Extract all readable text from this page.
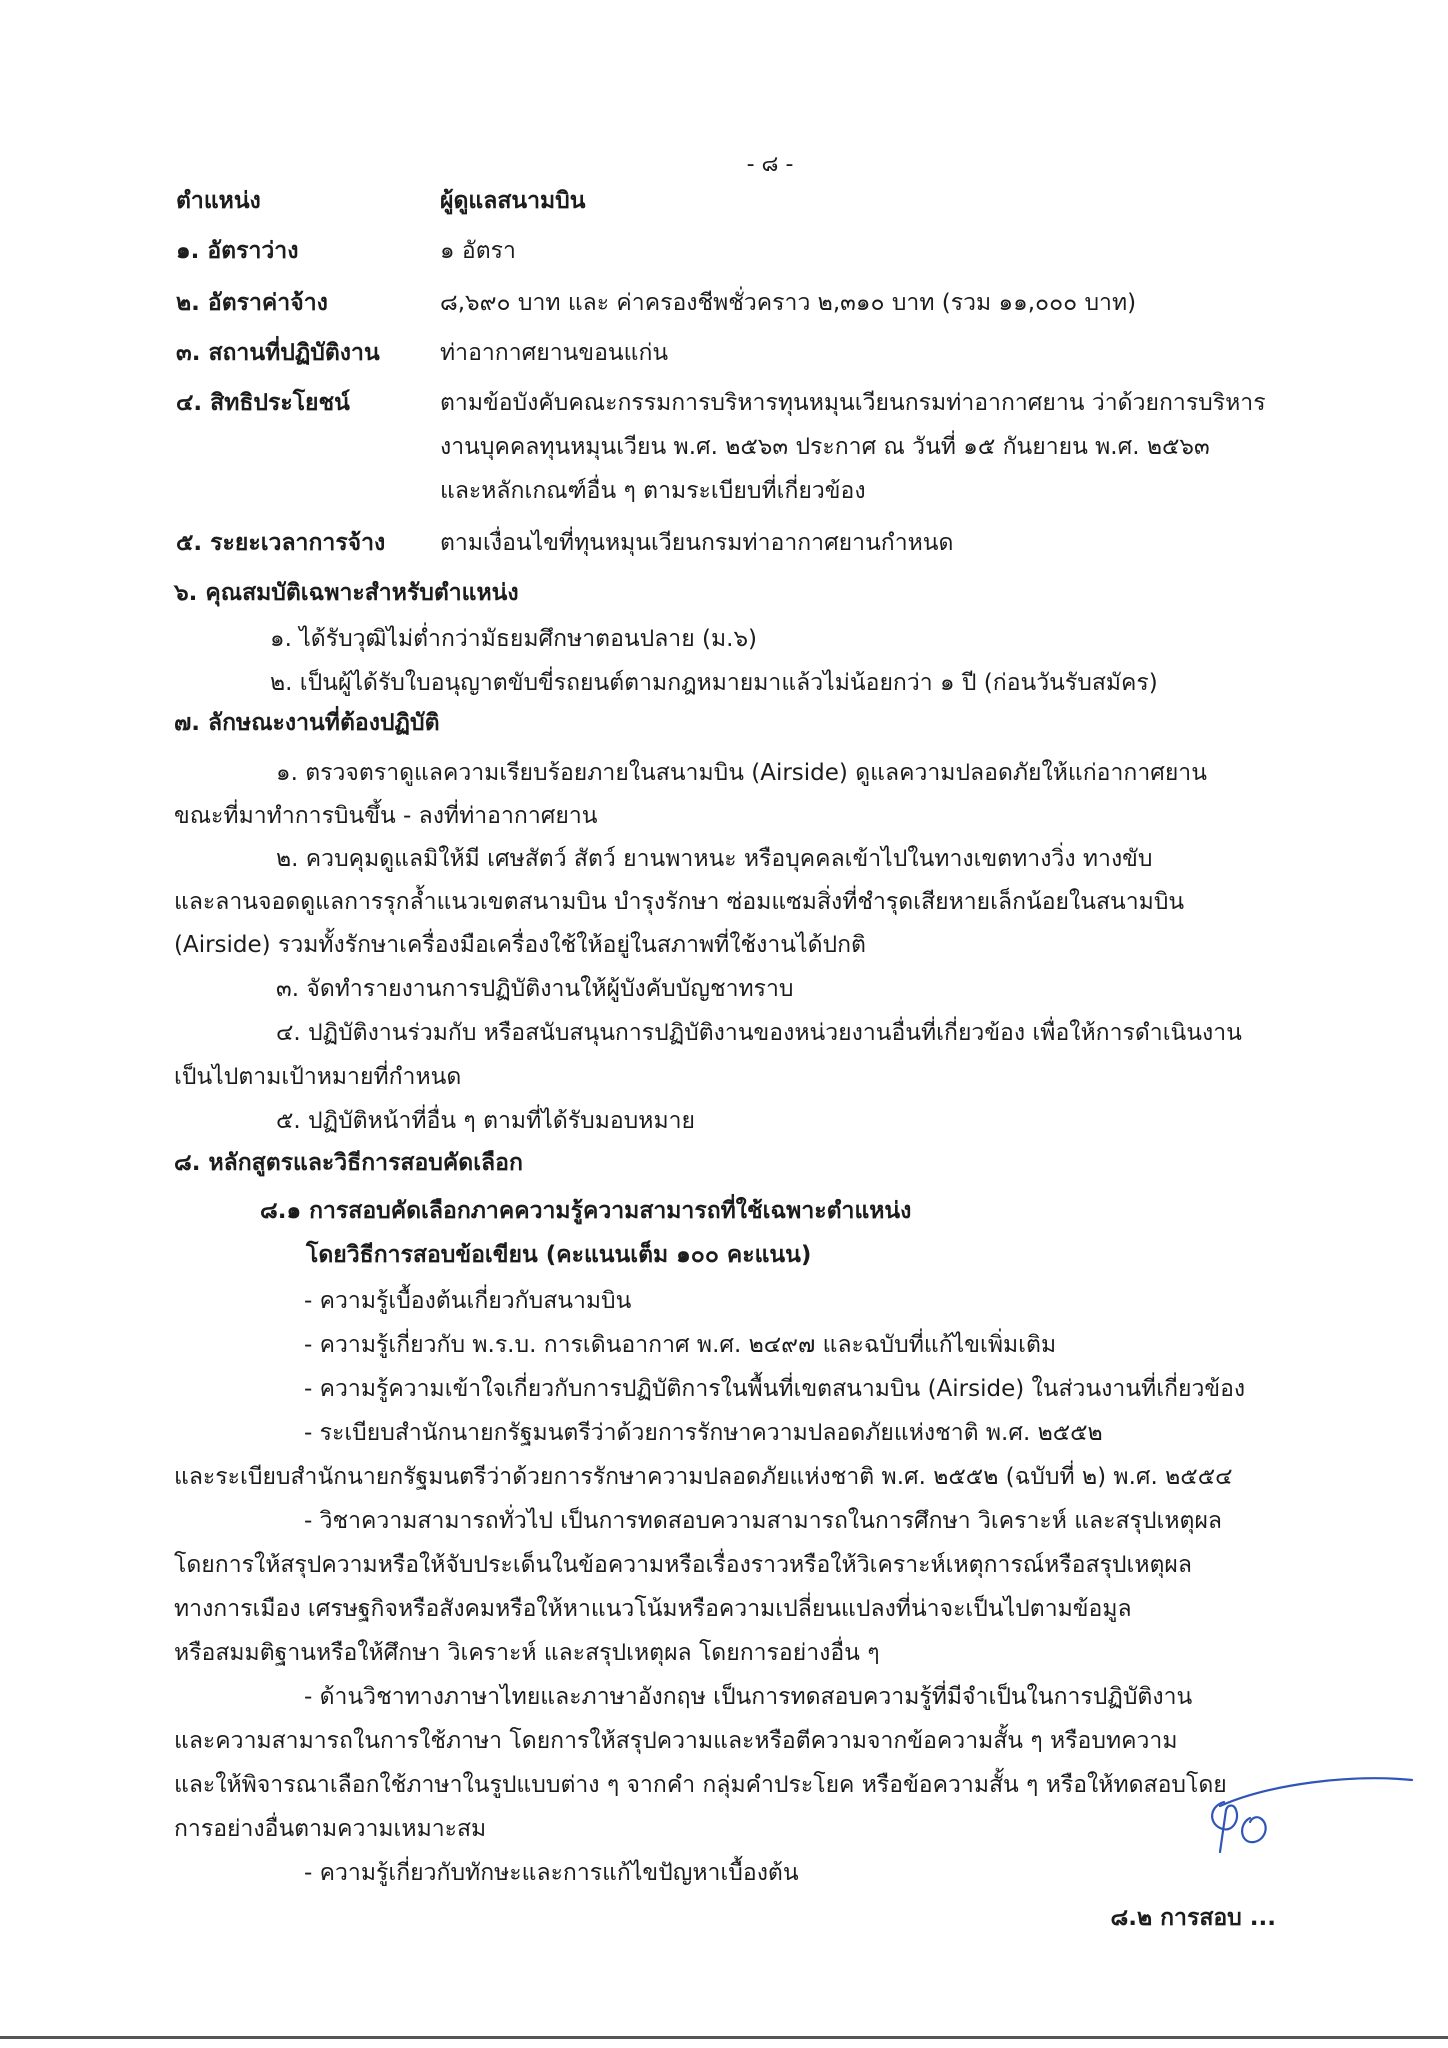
- ๘ -
ตำแหน่ง	ผู้ดูแลสนามบิน
๑. อัตราว่าง	๑ อัตรา
๒. อัตราค่าจ้าง	๘,๖๙๐ บาท และ ค่าครองชีพชั่วคราว ๒,๓๑๐ บาท (รวม ๑๑,๐๐๐ บาท)
๓. สถานที่ปฏิบัติงาน	ท่าอากาศยานขอนแก่น
๔. สิทธิประโยชน์	ตามข้อบังคับคณะกรรมการบริหารทุนหมุนเวียนกรมท่าอากาศยาน ว่าด้วยการบริหาร
งานบุคคลทุนหมุนเวียน พ.ศ. ๒๕๖๓ ประกาศ ณ วันที่ ๑๕ กันยายน พ.ศ. ๒๕๖๓
และหลักเกณฑ์อื่น ๆ ตามระเบียบที่เกี่ยวข้อง
๕. ระยะเวลาการจ้าง ตามเงื่อนไขที่ทุนหมุนเวียนกรมท่าอากาศยานกำหนด
๖. คุณสมบัติเฉพาะสำหรับตำแหน่ง
๑. ได้รับวุฒิไม่ต่ำกว่ามัธยมศึกษาตอนปลาย (ม.๖)
๒. เป็นผู้ได้รับใบอนุญาตขับขี่รถยนต์ตามกฎหมายมาแล้วไม่น้อยกว่า ๑ ปี (ก่อนวันรับสมัคร)
๗. ลักษณะงานที่ต้องปฏิบัติ
๑. ตรวจตราดูแลความเรียบร้อยภายในสนามบิน (Airside) ดูแลความปลอดภัยให้แก่อากาศยาน
ขณะที่มาทำการบินขึ้น - ลงที่ท่าอากาศยาน
๒. ควบคุมดูแลมิให้มี เศษสัตว์ สัตว์ ยานพาหนะ หรือบุคคลเข้าไปในทางเขตทางวิ่ง ทางขับ
และลานจอดดูแลการรุกล้ำแนวเขตสนามบิน บำรุงรักษา ซ่อมแซมสิ่งที่ชำรุดเสียหายเล็กน้อยในสนามบิน
(Airside) รวมทั้งรักษาเครื่องมือเครื่องใช้ให้อยู่ในสภาพที่ใช้งานได้ปกติ
๓. จัดทำรายงานการปฏิบัติงานให้ผู้บังคับบัญชาทราบ
๔. ปฏิบัติงานร่วมกับ หรือสนับสนุนการปฏิบัติงานของหน่วยงานอื่นที่เกี่ยวข้อง เพื่อให้การดำเนินงาน
เป็นไปตามเป้าหมายที่กำหนด
๕. ปฏิบัติหน้าที่อื่น ๆ ตามที่ได้รับมอบหมาย
๘. หลักสูตรและวิธีการสอบคัดเลือก
๘.๑ การสอบคัดเลือกภาคความรู้ความสามารถที่ใช้เฉพาะตำแหน่ง
โดยวิธีการสอบข้อเขียน (คะแนนเต็ม ๑๐๐ คะแนน)
- ความรู้เบื้องต้นเกี่ยวกับสนามบิน
- ความรู้เกี่ยวกับ พ.ร.บ. การเดินอากาศ พ.ศ. ๒๔๙๗ และฉบับที่แก้ไขเพิ่มเติม
- ความรู้ความเข้าใจเกี่ยวกับการปฏิบัติการในพื้นที่เขตสนามบิน (Airside) ในส่วนงานที่เกี่ยวข้อง
- ระเบียบสำนักนายกรัฐมนตรีว่าด้วยการรักษาความปลอดภัยแห่งชาติ พ.ศ. ๒๕๕๒
และระเบียบสำนักนายกรัฐมนตรีว่าด้วยการรักษาความปลอดภัยแห่งชาติ พ.ศ. ๒๕๕๒ (ฉบับที่ ๒) พ.ศ. ๒๕๕๔
- วิชาความสามารถทั่วไป เป็นการทดสอบความสามารถในการศึกษา วิเคราะห์ และสรุปเหตุผล
โดยการให้สรุปความหรือให้จับประเด็นในข้อความหรือเรื่องราวหรือให้วิเคราะห์เหตุการณ์หรือสรุปเหตุผล
ทางการเมือง เศรษฐกิจหรือสังคมหรือให้หาแนวโน้มหรือความเปลี่ยนแปลงที่น่าจะเป็นไปตามข้อมูล
หรือสมมติฐานหรือให้ศึกษา วิเคราะห์ และสรุปเหตุผล โดยการอย่างอื่น ๆ
- ด้านวิชาทางภาษาไทยและภาษาอังกฤษ เป็นการทดสอบความรู้ที่มีจำเป็นในการปฏิบัติงาน
และความสามารถในการใช้ภาษา โดยการให้สรุปความและหรือตีความจากข้อความสั้น ๆ หรือบทความ
และให้พิจารณาเลือกใช้ภาษาในรูปแบบต่าง ๆ จากคำ กลุ่มคำประโยค หรือข้อความสั้น ๆ หรือให้ทดสอบโดย
การอย่างอื่นตามความเหมาะสม
- ความรู้เกี่ยวกับทักษะและการแก้ไขปัญหาเบื้องต้น
๘.๒ การสอบ ...
